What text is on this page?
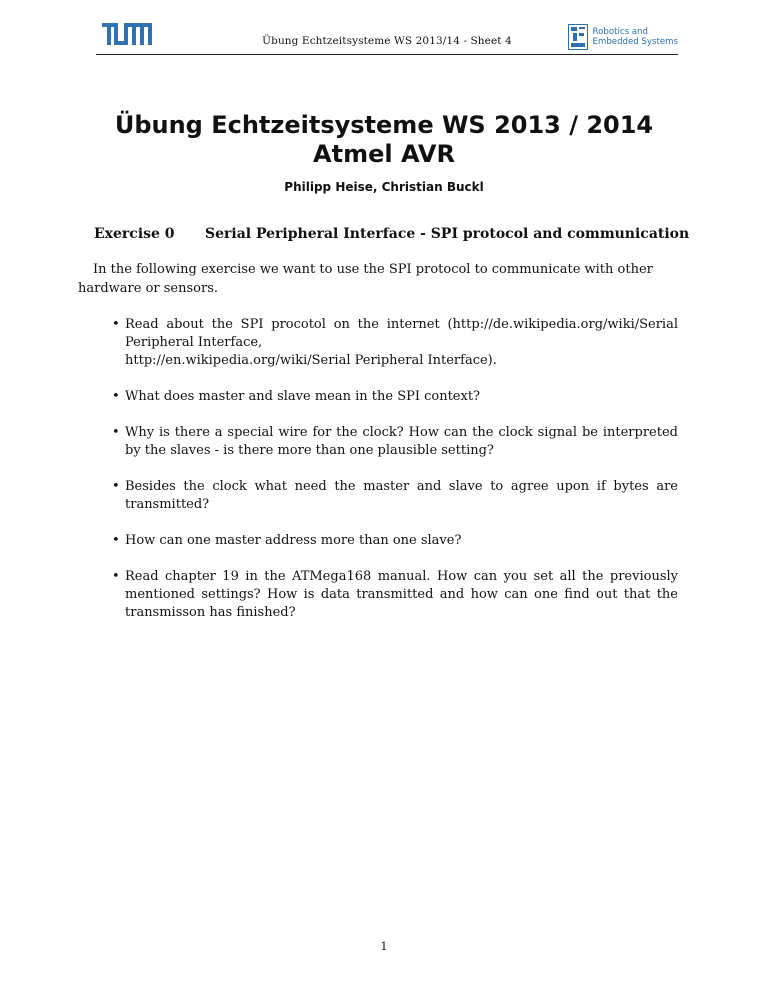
Übung Echtzeitsysteme WS 2013/14 - Sheet 4
Robotics and
Embedded Systems
Übung Echtzeitsysteme WS 2013 / 2014
Atmel AVR
Philipp Heise, Christian Buckl
Exercise 0 Serial Peripheral Interface - SPI protocol and communication
In the following exercise we want to use the SPI protocol to communicate with other hardware or sensors.
• Read about the SPI procotol on the internet (http://de.wikipedia.org/wiki/Serial Peripheral Interface,
http://en.wikipedia.org/wiki/Serial Peripheral Interface).
• What does master and slave mean in the SPI context?
• Why is there a special wire for the clock? How can the clock signal be interpreted by the slaves - is there more than one plausible setting?
• Besides the clock what need the master and slave to agree upon if bytes are transmitted?
• How can one master address more than one slave?
• Read chapter 19 in the ATMega168 manual. How can you set all the previously mentioned settings? How is data transmitted and how can one find out that the transmisson has finished?
1
